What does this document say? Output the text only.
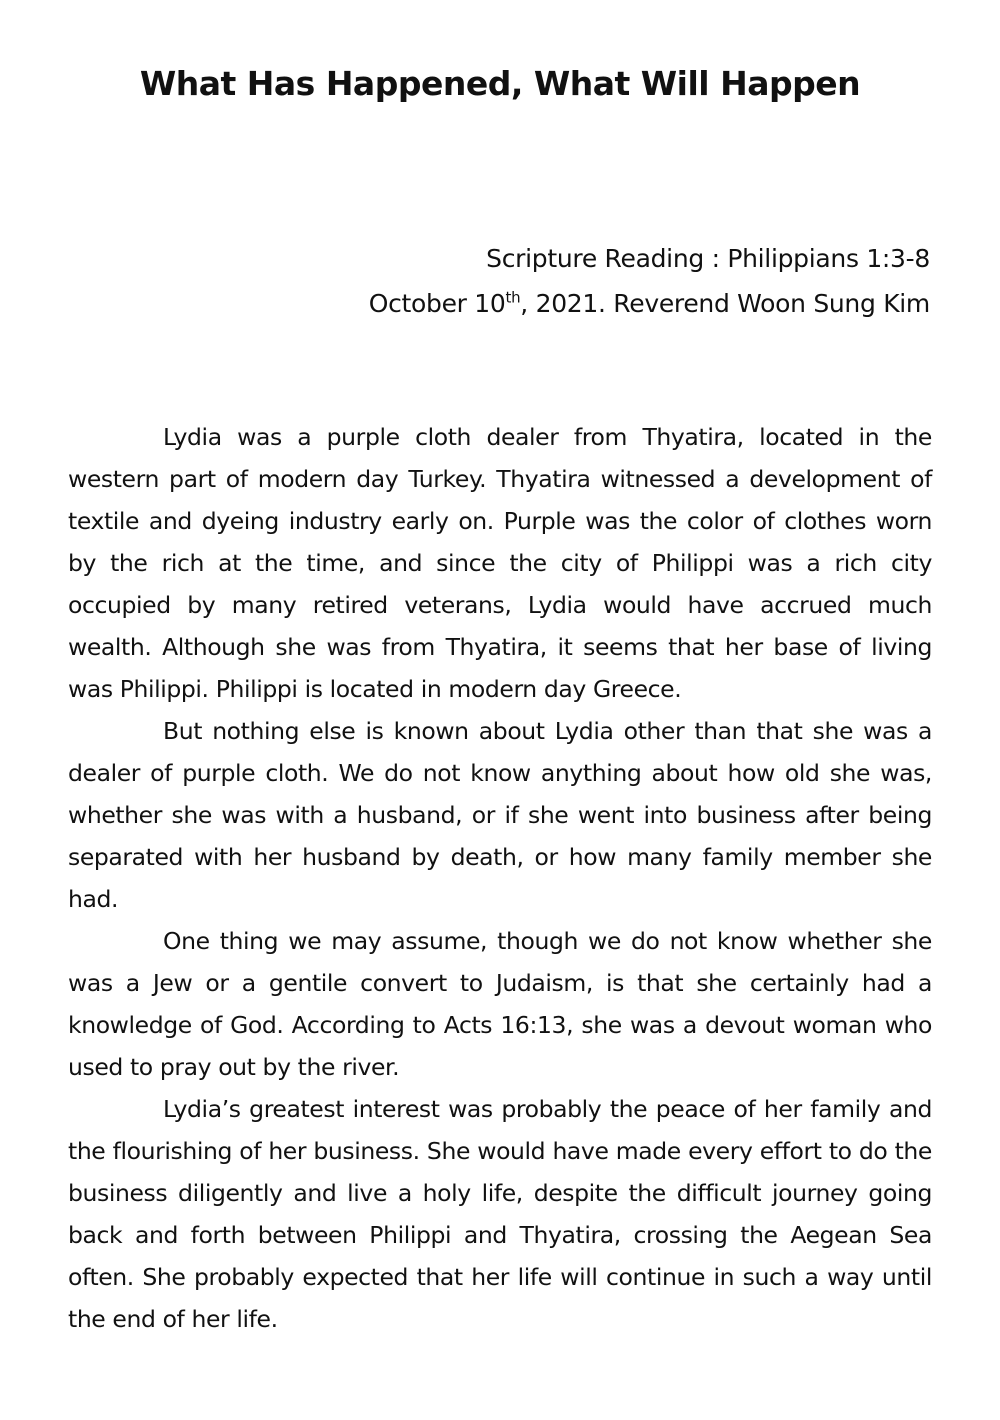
What Has Happened, What Will Happen
Scripture Reading : Philippians 1:3-8
October 10th, 2021. Reverend Woon Sung Kim

Lydia was a purple cloth dealer from Thyatira, located in the western part of modern day Turkey. Thyatira witnessed a development of textile and dyeing industry early on. Purple was the color of clothes worn by the rich at the time, and since the city of Philippi was a rich city occupied by many retired veterans, Lydia would have accrued much wealth. Although she was from Thyatira, it seems that her base of living was Philippi. Philippi is located in modern day Greece.

But nothing else is known about Lydia other than that she was a dealer of purple cloth. We do not know anything about how old she was, whether she was with a husband, or if she went into business after being separated with her husband by death, or how many family member she had.

One thing we may assume, though we do not know whether she was a Jew or a gentile convert to Judaism, is that she certainly had a knowledge of God. According to Acts 16:13, she was a devout woman who used to pray out by the river.

Lydia’s greatest interest was probably the peace of her family and the flourishing of her business. She would have made every effort to do the business diligently and live a holy life, despite the difficult journey going back and forth between Philippi and Thyatira, crossing the Aegean Sea often. She probably expected that her life will continue in such a way until the end of her life.
